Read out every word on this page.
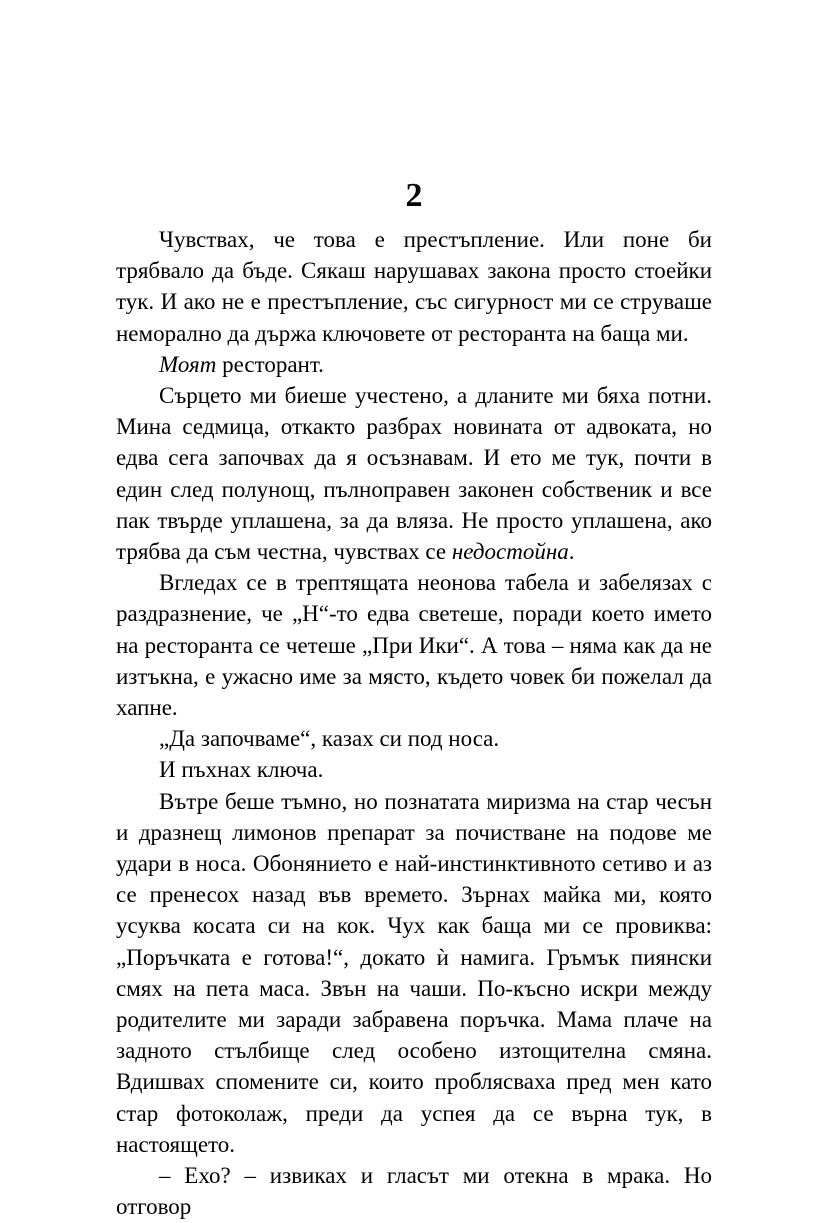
2

Чувствах, че това е престъпление. Или поне би трябвало да бъде. Сякаш нарушавах закона просто стоейки тук. И ако не е престъпление, със сигурност ми се струваше неморално да държа ключовете от ресторанта на баща ми.

Моят ресторант.

Сърцето ми биеше учестено, а дланите ми бяха потни. Мина седмица, откакто разбрах новината от адвоката, но едва сега започвах да я осъзнавам. И ето ме тук, почти в един след полунощ, пълноправен законен собственик и все пак твърде уплашена, за да вляза. Не просто уплашена, ако трябва да съм честна, чувствах се недостойна.

Вгледах се в трептящата неонова табела и забелязах с раздразнение, че „Н“-то едва светеше, поради което името на ресторанта се четеше „При Ики“. А това – няма как да не изтъкна, е ужасно име за място, където човек би пожелал да хапне.

„Да започваме“, казах си под носа.

И пъхнах ключа.

Вътре беше тъмно, но познатата миризма на стар чесън и дразнещ лимонов препарат за почистване на подове ме удари в носа. Обонянието е най-инстинктивното сетиво и аз се пренесох назад във времето. Зърнах майка ми, която усуква косата си на кок. Чух как баща ми се провиква: „Поръчката е готова!“, докато ѝ намига. Гръмък пиянски смях на пета маса. Звън на чаши. По-късно искри между родителите ми заради забравена поръчка. Мама плаче на задното стълбище след особено изтощителна смяна. Вдишвах спомените си, които проблясваха пред мен като стар фотоколаж, преди да успея да се върна тук, в настоящето.

– Ехо? – извиках и гласът ми отекна в мрака. Но отговор
